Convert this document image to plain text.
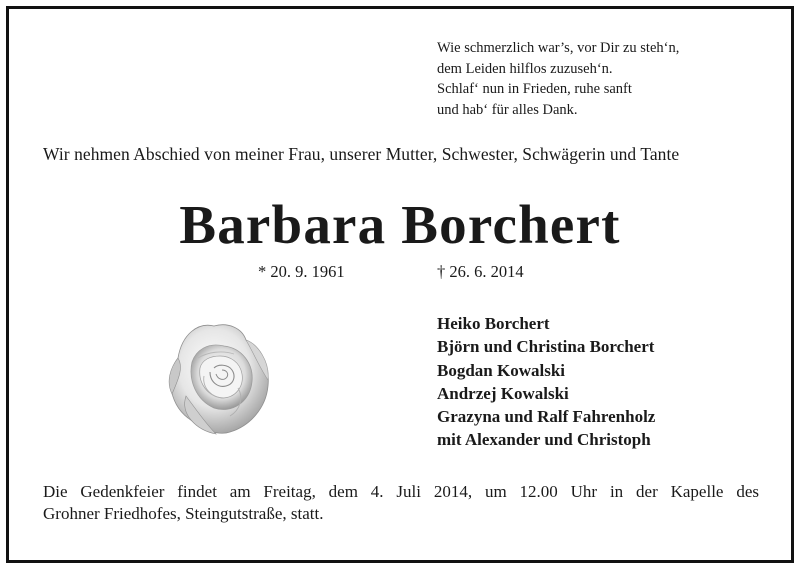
Wie schmerzlich war’s, vor Dir zu steh‘n,
dem Leiden hilflos zuzuseh‘n.
Schlaf‘ nun in Frieden, ruhe sanft
und hab‘ für alles Dank.
Wir nehmen Abschied von meiner Frau, unserer Mutter, Schwester, Schwägerin und Tante
Barbara Borchert
* 20. 9. 1961	† 26. 6. 2014
Heiko Borchert
Björn und Christina Borchert
Bogdan Kowalski
Andrzej Kowalski
Grazyna und Ralf Fahrenholz
mit Alexander und Christoph
Die Gedenkfeier findet am Freitag, dem 4. Juli 2014, um 12.00 Uhr in der Kapelle des
Grohner Friedhofes, Steingutstraße, statt.
